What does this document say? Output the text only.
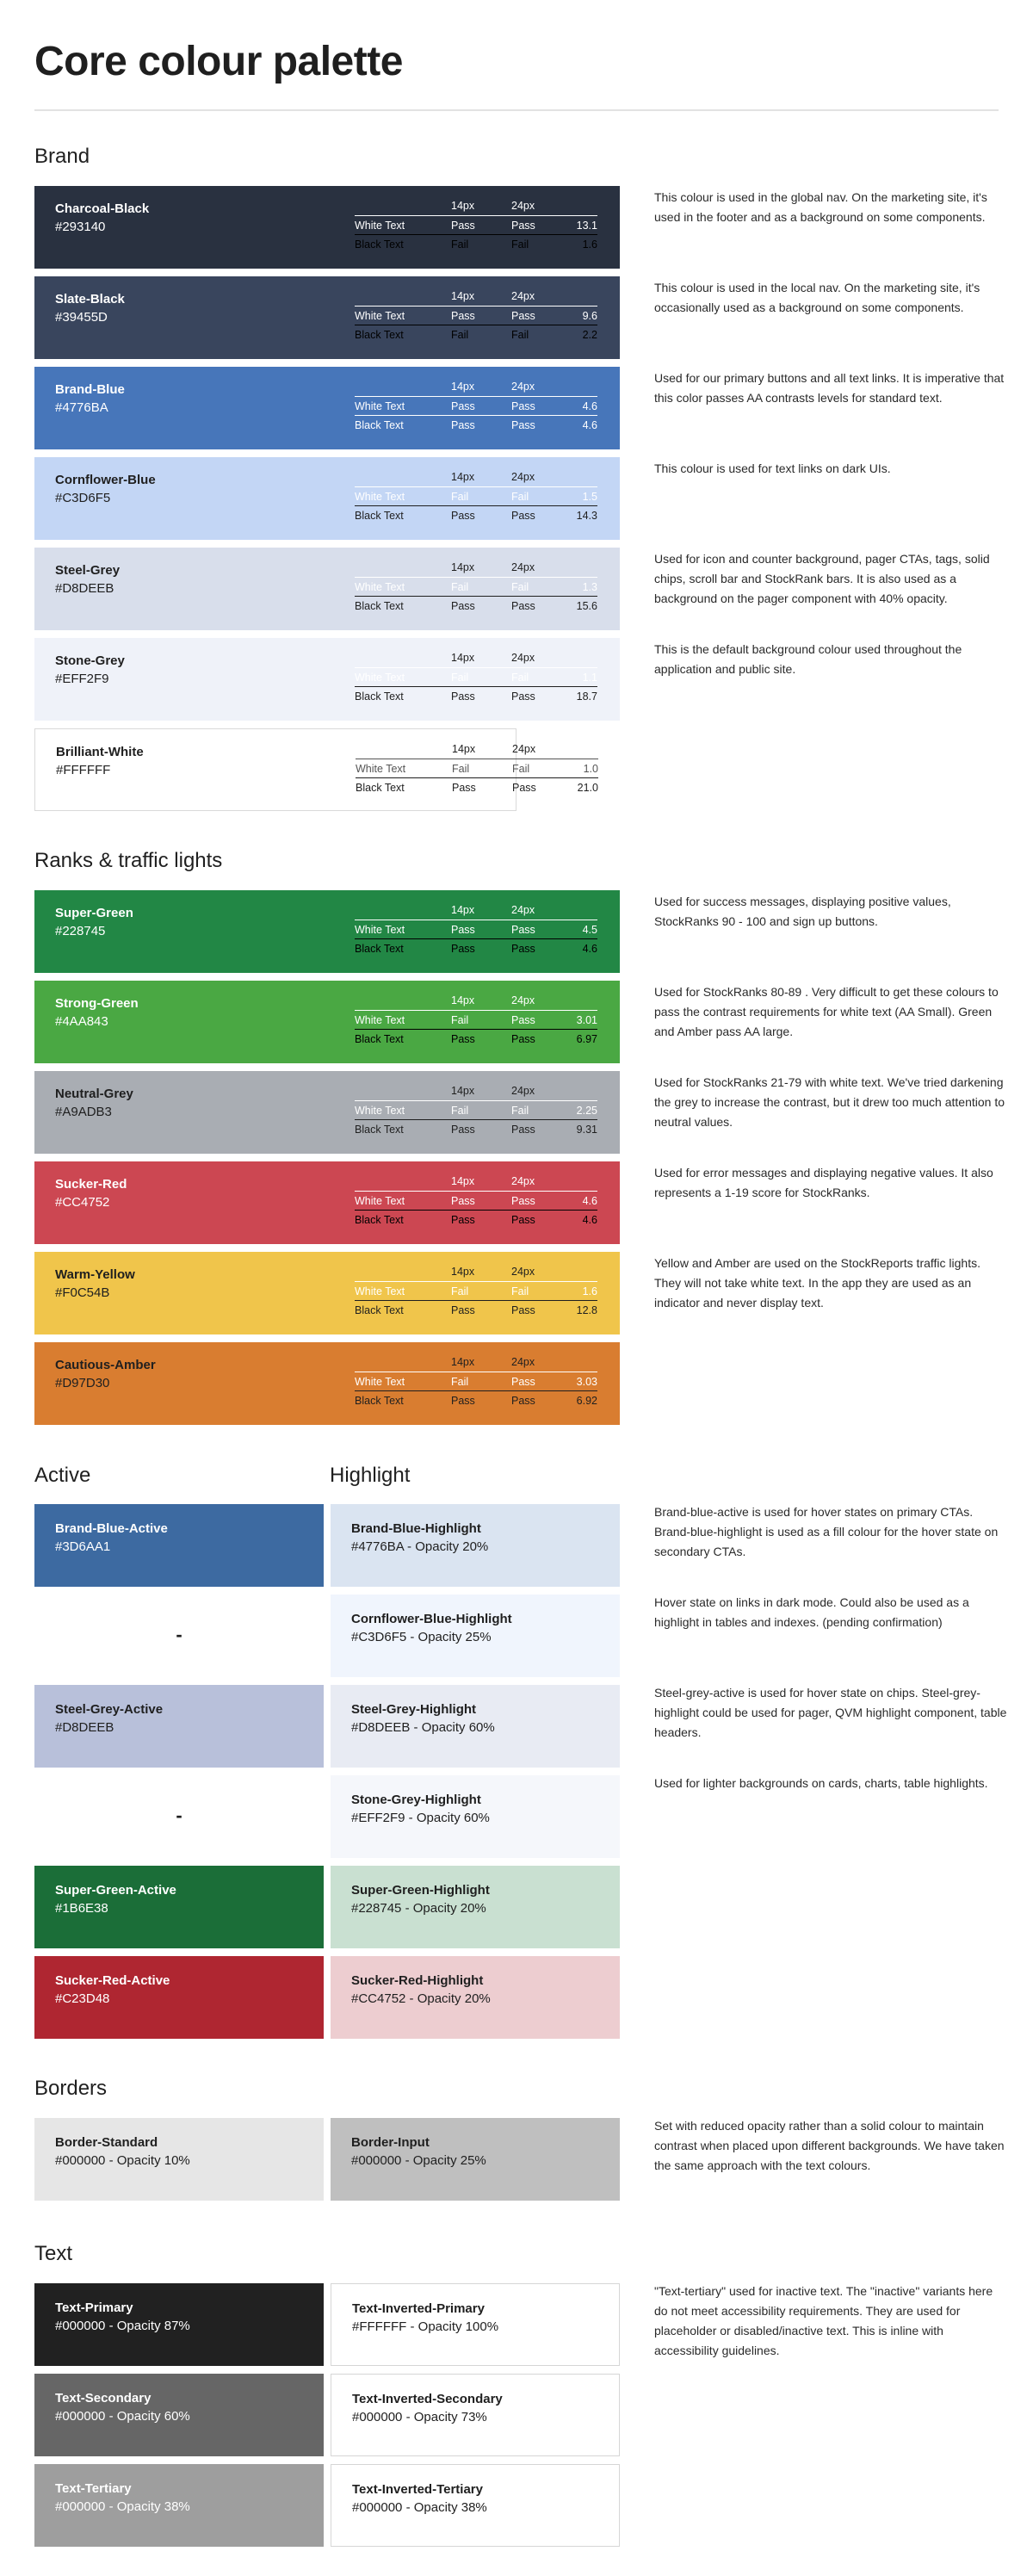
Core colour palette
Brand
Charcoal-Black
#293140
14px	24px
White Text	Pass	Pass	13.1
Black Text	Fail	Fail	1.6
This colour is used in the global nav. On the marketing site, it's used in the footer and as a background on some components.
Slate-Black
#39455D
14px	24px
White Text	Pass	Pass	9.6
Black Text	Fail	Fail	2.2
This colour is used in the local nav. On the marketing site, it's occasionally used as a background on some components.
Brand-Blue
#4776BA
14px	24px
White Text	Pass	Pass	4.6
Black Text	Pass	Pass	4.6
Used for our primary buttons and all text links. It is imperative that this color passes AA contrasts levels for standard text.
Cornflower-Blue
#C3D6F5
14px	24px
White Text	Fail	Fail	1.5
Black Text	Pass	Pass	14.3
This colour is used for text links on dark UIs.
Steel-Grey
#D8DEEB
14px	24px
White Text	Fail	Fail	1.3
Black Text	Pass	Pass	15.6
Used for icon and counter background, pager CTAs, tags, solid chips, scroll bar and StockRank bars. It is also used as a background on the pager component with 40% opacity.
Stone-Grey
#EFF2F9
14px	24px
White Text	Fail	Fail	1.1
Black Text	Pass	Pass	18.7
This is the default background colour used throughout the application and public site.
Brilliant-White
#FFFFFF
14px	24px
White Text	Fail	Fail	1.0
Black Text	Pass	Pass	21.0
Ranks & traffic lights
Super-Green
#228745
14px	24px
White Text	Pass	Pass	4.5
Black Text	Pass	Pass	4.6
Used for success messages, displaying positive values, StockRanks 90 - 100 and sign up buttons.
Strong-Green
#4AA843
14px	24px
White Text	Fail	Pass	3.01
Black Text	Pass	Pass	6.97
Used for StockRanks 80-89 . Very difficult to get these colours to pass the contrast requirements for white text (AA Small). Green and Amber pass AA large.
Neutral-Grey
#A9ADB3
14px	24px
White Text	Fail	Fail	2.25
Black Text	Pass	Pass	9.31
Used for StockRanks 21-79 with white text. We've tried darkening the grey to increase the contrast, but it drew too much attention to neutral values.
Sucker-Red
#CC4752
14px	24px
White Text	Pass	Pass	4.6
Black Text	Pass	Pass	4.6
Used for error messages and displaying negative values. It also represents a 1-19 score for StockRanks.
Warm-Yellow
#F0C54B
14px	24px
White Text	Fail	Fail	1.6
Black Text	Pass	Pass	12.8
Yellow and Amber are used on the StockReports traffic lights. They will not take white text. In the app they are used as an indicator and never display text.
Cautious-Amber
#D97D30
14px	24px
White Text	Fail	Pass	3.03
Black Text	Pass	Pass	6.92
Active	Highlight
Brand-Blue-Active
#3D6AA1
Brand-Blue-Highlight
#4776BA - Opacity 20%
Brand-blue-active is used for hover states on primary CTAs. Brand-blue-highlight is used as a fill colour for the hover state on secondary CTAs.
-
Cornflower-Blue-Highlight
#C3D6F5 - Opacity 25%
Hover state on links in dark mode. Could also be used as a highlight in tables and indexes. (pending confirmation)
Steel-Grey-Active
#D8DEEB
Steel-Grey-Highlight
#D8DEEB - Opacity 60%
Steel-grey-active is used for hover state on chips. Steel-grey-highlight could be used for pager, QVM highlight component, table headers.
-
Stone-Grey-Highlight
#EFF2F9 - Opacity 60%
Used for lighter backgrounds on cards, charts, table highlights.
Super-Green-Active
#1B6E38
Super-Green-Highlight
#228745 - Opacity 20%
Sucker-Red-Active
#C23D48
Sucker-Red-Highlight
#CC4752 - Opacity 20%
Borders
Border-Standard
#000000 - Opacity 10%
Border-Input
#000000 - Opacity 25%
Set with reduced opacity rather than a solid colour to maintain contrast when placed upon different backgrounds. We have taken the same approach with the text colours.
Text
Text-Primary
#000000 - Opacity 87%
Text-Inverted-Primary
#FFFFFF - Opacity 100%
Text-Secondary
#000000 - Opacity 60%
Text-Inverted-Secondary
#000000 - Opacity 73%
Text-Tertiary
#000000 - Opacity 38%
Text-Inverted-Tertiary
#000000 - Opacity 38%
"Text-tertiary" used for inactive text. The "inactive" variants here do not meet accessibility requirements. They are used for placeholder or disabled/inactive text. This is inline with accessibility guidelines.
